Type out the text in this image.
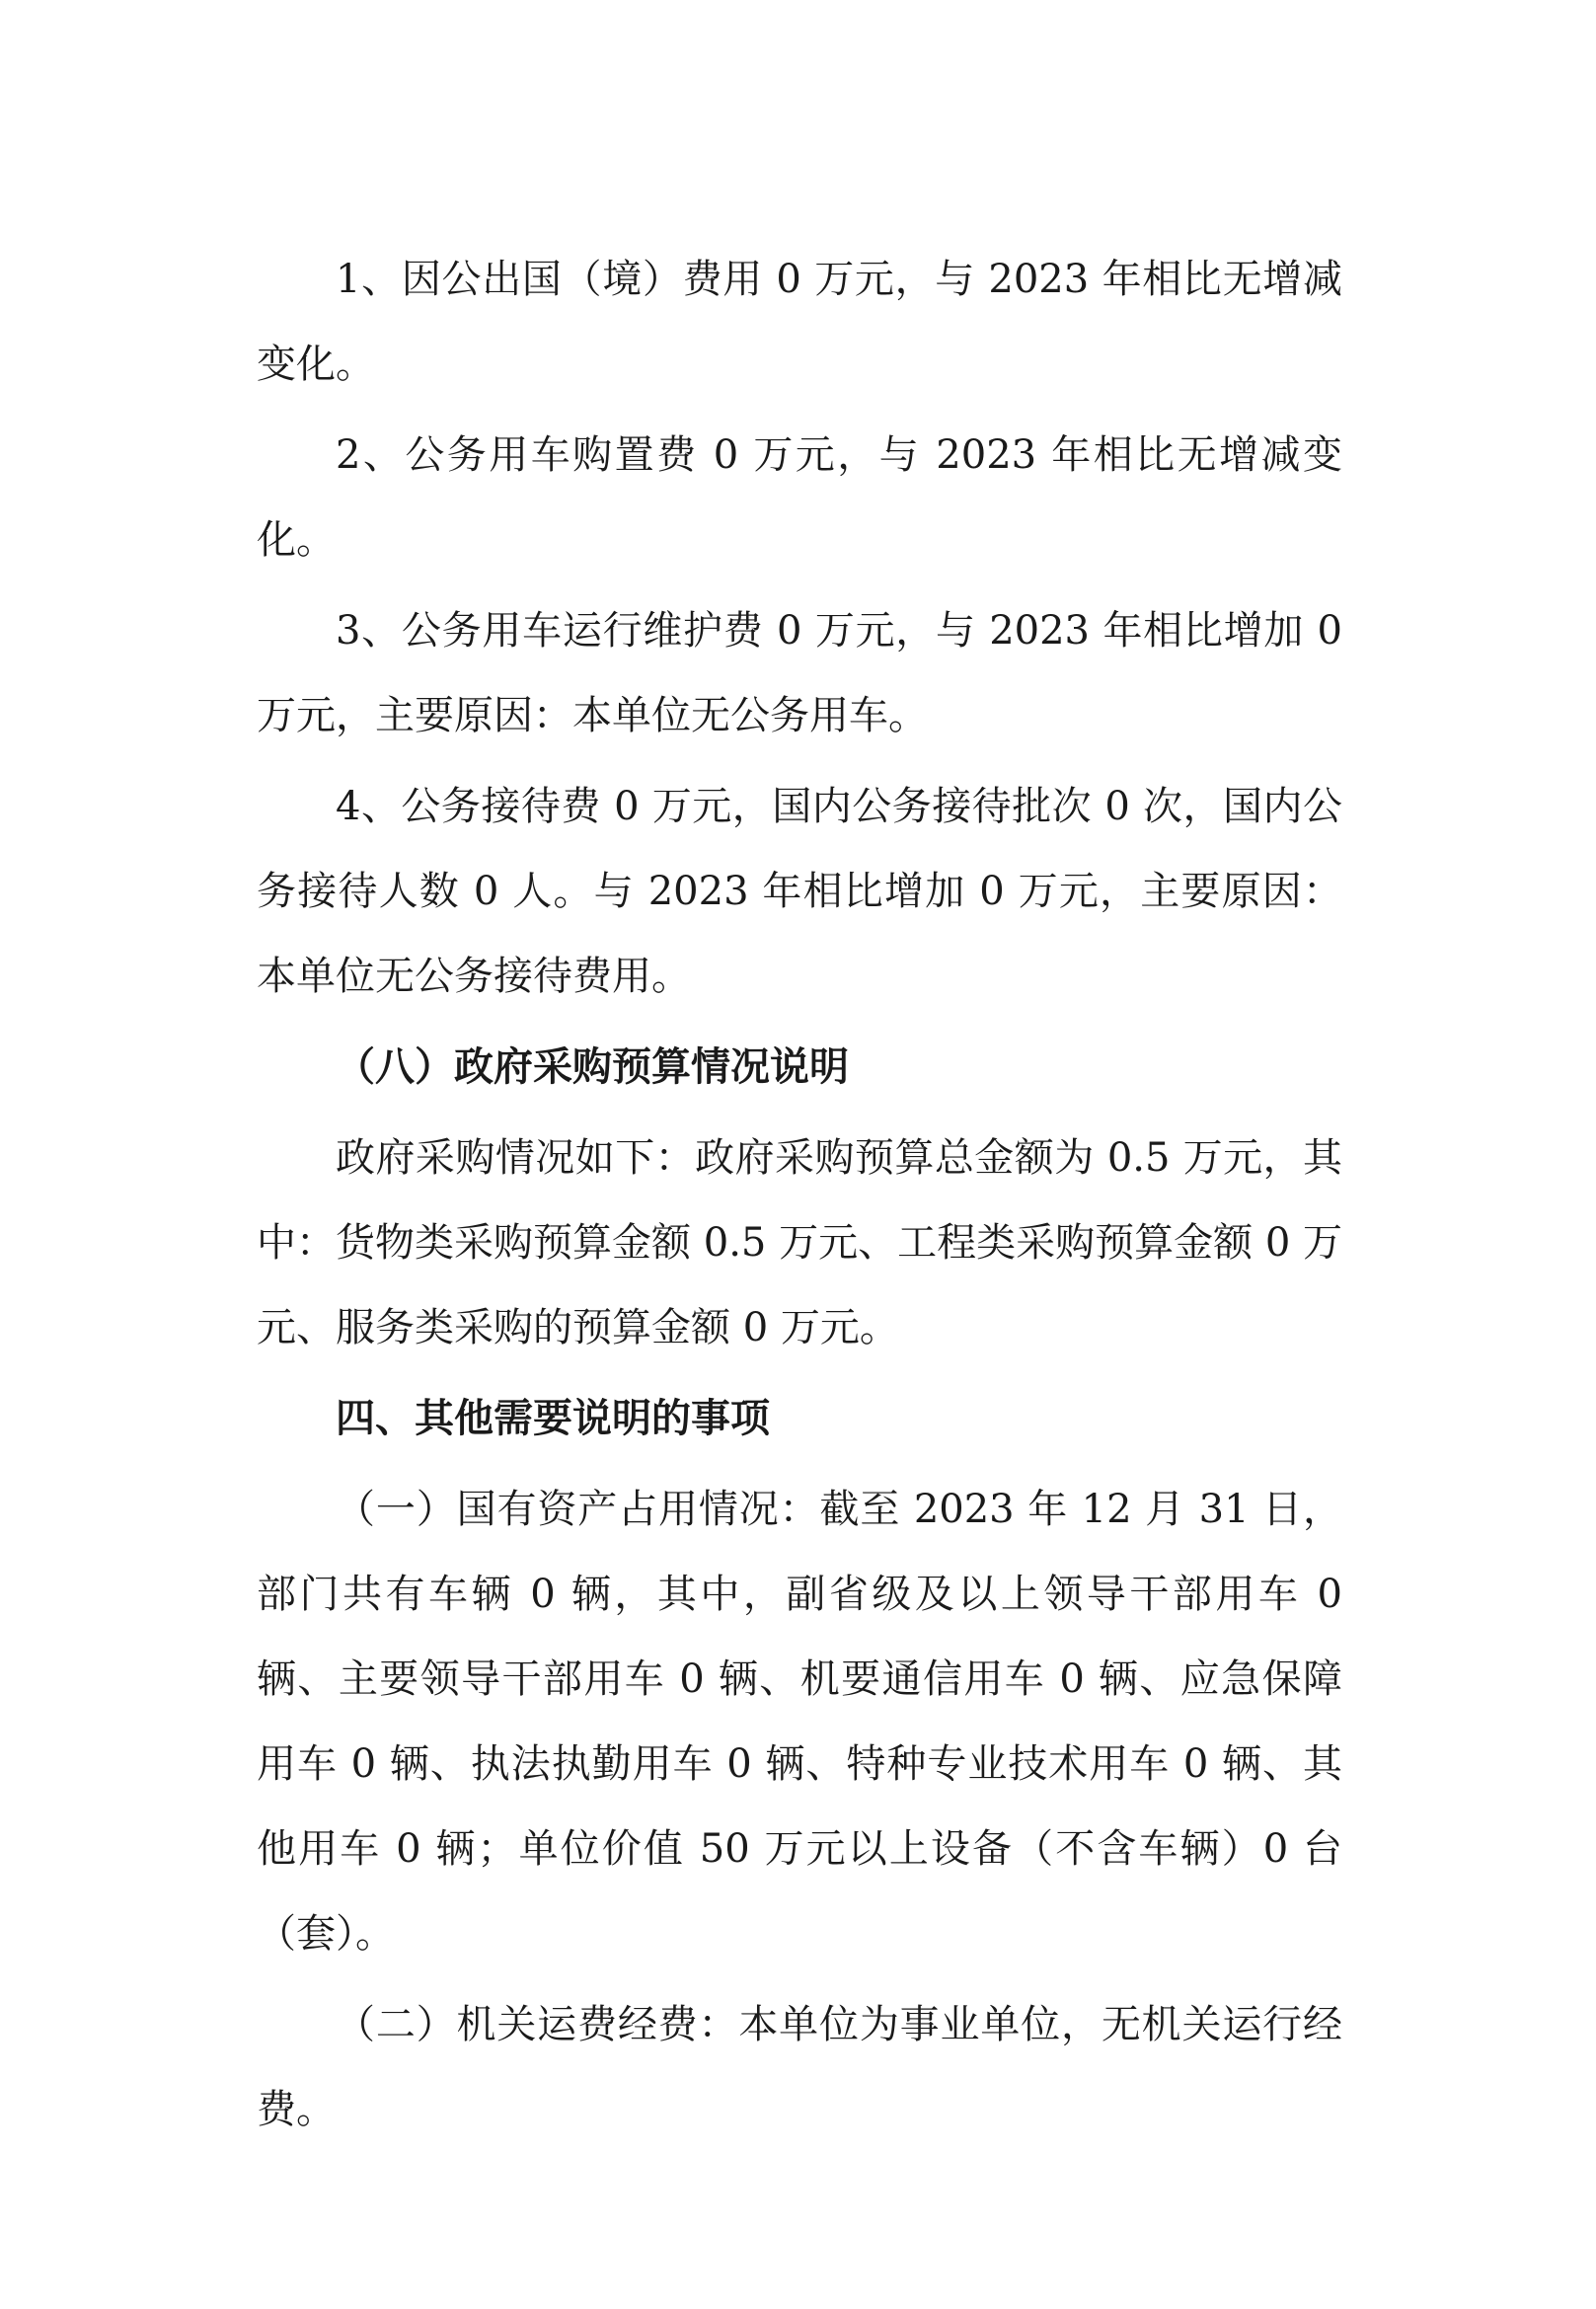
1、因公出国（境）费用 0 万元，与 2023 年相比无增减变化。

2、公务用车购置费 0 万元，与 2023 年相比无增减变化。

3、公务用车运行维护费 0 万元，与 2023 年相比增加 0 万元，主要原因：本单位无公务用车。

4、公务接待费 0 万元，国内公务接待批次 0 次，国内公务接待人数 0 人。与 2023 年相比增加 0 万元，主要原因：本单位无公务接待费用。

（八）政府采购预算情况说明

政府采购情况如下：政府采购预算总金额为 0.5 万元，其中：货物类采购预算金额 0.5 万元、工程类采购预算金额 0 万元、服务类采购的预算金额 0 万元。

四、其他需要说明的事项

（一）国有资产占用情况：截至 2023 年 12 月 31 日，部门共有车辆 0 辆，其中，副省级及以上领导干部用车 0 辆、主要领导干部用车 0 辆、机要通信用车 0 辆、应急保障用车 0 辆、执法执勤用车 0 辆、特种专业技术用车 0 辆、其他用车 0 辆；单位价值 50 万元以上设备（不含车辆）0 台（套）。

（二）机关运费经费：本单位为事业单位，无机关运行经费。
